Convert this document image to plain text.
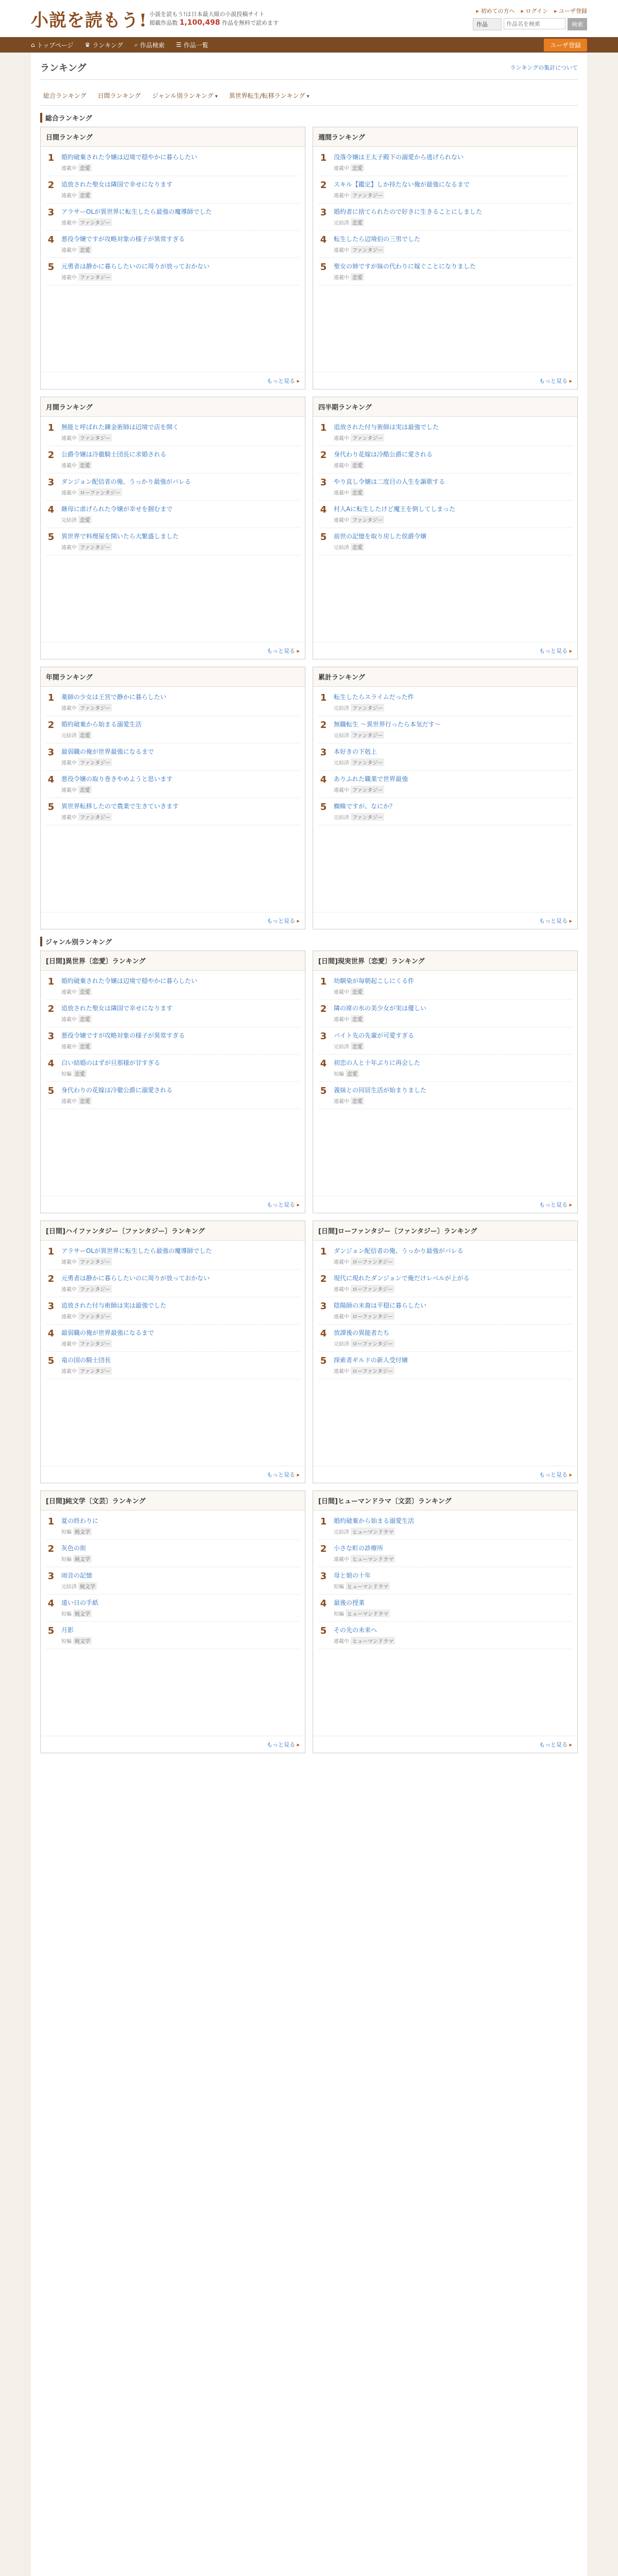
小説を読もう! 小説を読もう!は日本最大級の小説投稿サイト
掲載作品数 1,100,498 作品を無料で読めます
▸ 初めての方へ	▸ ログイン	▸ ユーザ登録
作品
作品名を検索	検索
⌂ トップページ ♛ ランキング ⌕ 作品検索 ☰ 作品一覧	ユーザ登録
ランキング	ランキングの集計について
総合ランキング 日間ランキング ジャンル別ランキング ▾	異世界転生/転移ランキング ▾
総合ランキング
日間ランキング
1	婚約破棄された令嬢は辺境で穏やかに暮らしたい
連載中 恋愛
2	追放された聖女は隣国で幸せになります
連載中 恋愛
3	アラサーOLが異世界に転生したら最強の魔導師でした
連載中 ファンタジー
4	悪役令嬢ですが攻略対象の様子が異常すぎる
連載中 恋愛
5	元勇者は静かに暮らしたいのに周りが放っておかない
連載中 ファンタジー
もっと見る ▸
週間ランキング
1	没落令嬢は王太子殿下の溺愛から逃げられない
連載中 恋愛
2	スキル【鑑定】しか持たない俺が最強になるまで
連載中 ファンタジー
3	婚約者に捨てられたので好きに生きることにしました
完結済 恋愛
4	転生したら辺境伯の三男でした
連載中 ファンタジー
5	聖女の姉ですが妹の代わりに嫁ぐことになりました
連載中 恋愛
もっと見る ▸
月間ランキング
1	無能と呼ばれた錬金術師は辺境で店を開く
連載中 ファンタジー
2	公爵令嬢は冷徹騎士団長に求婚される
連載中 恋愛
3	ダンジョン配信者の俺、うっかり最強がバレる
連載中 ローファンタジー
4	継母に虐げられた令嬢が幸せを掴むまで
完結済 恋愛
5	異世界で料理屋を開いたら大繁盛しました
連載中 ファンタジー
もっと見る ▸
四半期ランキング
1	追放された付与術師は実は最強でした
連載中 ファンタジー
2	身代わり花嫁は冷酷公爵に愛される
連載中 恋愛
3	やり直し令嬢は二度目の人生を謳歌する
連載中 恋愛
4	村人Aに転生したけど魔王を倒してしまった
連載中 ファンタジー
5	前世の記憶を取り戻した侯爵令嬢
完結済 恋愛
もっと見る ▸
年間ランキング
1	薬師の少女は王宮で静かに暮らしたい
連載中 ファンタジー
2	婚約破棄から始まる溺愛生活
完結済 恋愛
3	最弱職の俺が世界最強になるまで
連載中 ファンタジー
4	悪役令嬢の取り巻きやめようと思います
連載中 恋愛
5	異世界転移したので農業で生きていきます
連載中 ファンタジー
もっと見る ▸
累計ランキング
1	転生したらスライムだった件
完結済 ファンタジー
2	無職転生 ～異世界行ったら本気だす～
完結済 ファンタジー
3	本好きの下剋上
完結済 ファンタジー
4	ありふれた職業で世界最強
連載中 ファンタジー
5	蜘蛛ですが、なにか？
完結済 ファンタジー
もっと見る ▸
ジャンル別ランキング
[日間]異世界〔恋愛〕ランキング
1	婚約破棄された令嬢は辺境で穏やかに暮らしたい
連載中 恋愛
2	追放された聖女は隣国で幸せになります
連載中 恋愛
3	悪役令嬢ですが攻略対象の様子が異常すぎる
連載中 恋愛
4	白い結婚のはずが旦那様が甘すぎる
短編 恋愛
5	身代わりの花嫁は冷徹公爵に溺愛される
連載中 恋愛
もっと見る ▸
[日間]現実世界〔恋愛〕ランキング
1	幼馴染が毎朝起こしにくる件
連載中 恋愛
2	隣の席の氷の美少女が実は優しい
連載中 恋愛
3	バイト先の先輩が可愛すぎる
完結済 恋愛
4	初恋の人と十年ぶりに再会した
短編 恋愛
5	義妹との同居生活が始まりました
連載中 恋愛
もっと見る ▸
[日間]ハイファンタジー〔ファンタジー〕ランキング
1	アラサーOLが異世界に転生したら最強の魔導師でした
連載中 ファンタジー
2	元勇者は静かに暮らしたいのに周りが放っておかない
連載中 ファンタジー
3	追放された付与術師は実は最強でした
連載中 ファンタジー
4	最弱職の俺が世界最強になるまで
連載中 ファンタジー
5	竜の国の騎士団長
連載中 ファンタジー
もっと見る ▸
[日間]ローファンタジー〔ファンタジー〕ランキング
1	ダンジョン配信者の俺、うっかり最強がバレる
連載中 ローファンタジー
2	現代に現れたダンジョンで俺だけレベルが上がる
連載中 ローファンタジー
3	陰陽師の末裔は平穏に暮らしたい
連載中 ローファンタジー
4	放課後の異能者たち
完結済 ローファンタジー
5	探索者ギルドの新人受付嬢
連載中 ローファンタジー
もっと見る ▸
[日間]純文学〔文芸〕ランキング
1	夏の終わりに
短編 純文学
2	灰色の街
短編 純文学
3	雨音の記憶
完結済 純文学
4	遠い日の手紙
短編 純文学
5	月影
短編 純文学
もっと見る ▸
[日間]ヒューマンドラマ〔文芸〕ランキング
1	婚約破棄から始まる溺愛生活
完結済 ヒューマンドラマ
2	小さな町の診療所
連載中 ヒューマンドラマ
3	母と娘の十年
短編 ヒューマンドラマ
4	最後の授業
短編 ヒューマンドラマ
5	その先の未来へ
連載中 ヒューマンドラマ
もっと見る ▸
